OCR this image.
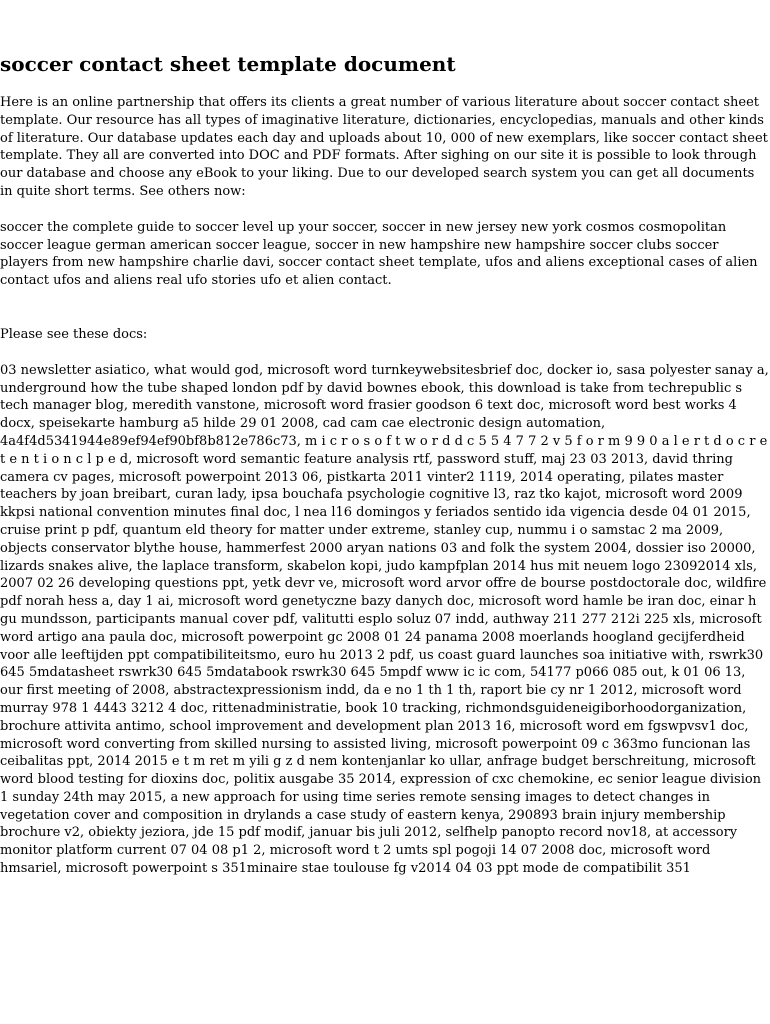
soccer contact sheet template document

Here is an online partnership that offers its clients a great number of various literature about soccer contact sheet template. Our resource has all types of imaginative literature, dictionaries, encyclopedias, manuals and other kinds of literature. Our database updates each day and uploads about 10, 000 of new exemplars, like soccer contact sheet template. They all are converted into DOC and PDF formats. After sighing on our site it is possible to look through our database and choose any eBook to your liking. Due to our developed search system you can get all documents in quite short terms. See others now:

soccer the complete guide to soccer level up your soccer, soccer in new jersey new york cosmos cosmopolitan soccer league german american soccer league, soccer in new hampshire new hampshire soccer clubs soccer players from new hampshire charlie davi, soccer contact sheet template, ufos and aliens exceptional cases of alien contact ufos and aliens real ufo stories ufo et alien contact.

Please see these docs:

03 newsletter asiatico, what would god, microsoft word turnkeywebsitesbrief doc, docker io, sasa polyester sanay a, underground how the tube shaped london pdf by david bownes ebook, this download is take from techrepublic s tech manager blog, meredith vanstone, microsoft word frasier goodson 6 text doc, microsoft word best works 4 docx, speisekarte hamburg a5 hilde 29 01 2008, cad cam cae electronic design automation, 4a4f4d5341944e89ef94ef90bf8b812e786c73, m i c r o s o f t w o r d d c 5 5 4 7 7 2 v 5 f o r m 9 9 0 a l e r t d o c r e t e n t i o n c l p e d, microsoft word semantic feature analysis rtf, password stuff, maj 23 03 2013, david thring camera cv pages, microsoft powerpoint 2013 06, pistkarta 2011 vinter2 1119, 2014 operating, pilates master teachers by joan breibart, curan lady, ipsa bouchafa psychologie cognitive l3, raz tko kajot, microsoft word 2009 kkpsi national convention minutes final doc, l nea l16 domingos y feriados sentido ida vigencia desde 04 01 2015, cruise print p pdf, quantum eld theory for matter under extreme, stanley cup, nummu i o samstac 2 ma 2009, objects conservator blythe house, hammerfest 2000 aryan nations 03 and folk the system 2004, dossier iso 20000, lizards snakes alive, the laplace transform, skabelon kopi, judo kampfplan 2014 hus mit neuem logo 23092014 xls, 2007 02 26 developing questions ppt, yetk devr ve, microsoft word arvor offre de bourse postdoctorale doc, wildfire pdf norah hess a, day 1 ai, microsoft word genetyczne bazy danych doc, microsoft word hamle be iran doc, einar h gu mundsson, participants manual cover pdf, valitutti esplo soluz 07 indd, authway 211 277 212i 225 xls, microsoft word artigo ana paula doc, microsoft powerpoint gc 2008 01 24 panama 2008 moerlands hoogland gecijferdheid voor alle leeftijden ppt compatibiliteitsmo, euro hu 2013 2 pdf, us coast guard launches soa initiative with, rswrk30 645 5mdatasheet rswrk30 645 5mdatabook rswrk30 645 5mpdf www ic ic com, 54177 p066 085 out, k 01 06 13, our first meeting of 2008, abstractexpressionism indd, da e no 1 th 1 th, raport bie cy nr 1 2012, microsoft word murray 978 1 4443 3212 4 doc, rittenadministratie, book 10 tracking, richmondsguideneigiborhoodorganization, brochure attivita antimo, school improvement and development plan 2013 16, microsoft word em fgswpvsv1 doc, microsoft word converting from skilled nursing to assisted living, microsoft powerpoint 09 c 363mo funcionan las ceibalitas ppt, 2014 2015 e t m ret m yili g z d nem kontenjanlar ko ullar, anfrage budget berschreitung, microsoft word blood testing for dioxins doc, politix ausgabe 35 2014, expression of cxc chemokine, ec senior league division 1 sunday 24th may 2015, a new approach for using time series remote sensing images to detect changes in vegetation cover and composition in drylands a case study of eastern kenya, 290893 brain injury membership brochure v2, obiekty jeziora, jde 15 pdf modif, januar bis juli 2012, selfhelp panopto record nov18, at accessory monitor platform current 07 04 08 p1 2, microsoft word t 2 umts spl pogoji 14 07 2008 doc, microsoft word hmsariel, microsoft powerpoint s 351minaire stae toulouse fg v2014 04 03 ppt mode de compatibilit 351
